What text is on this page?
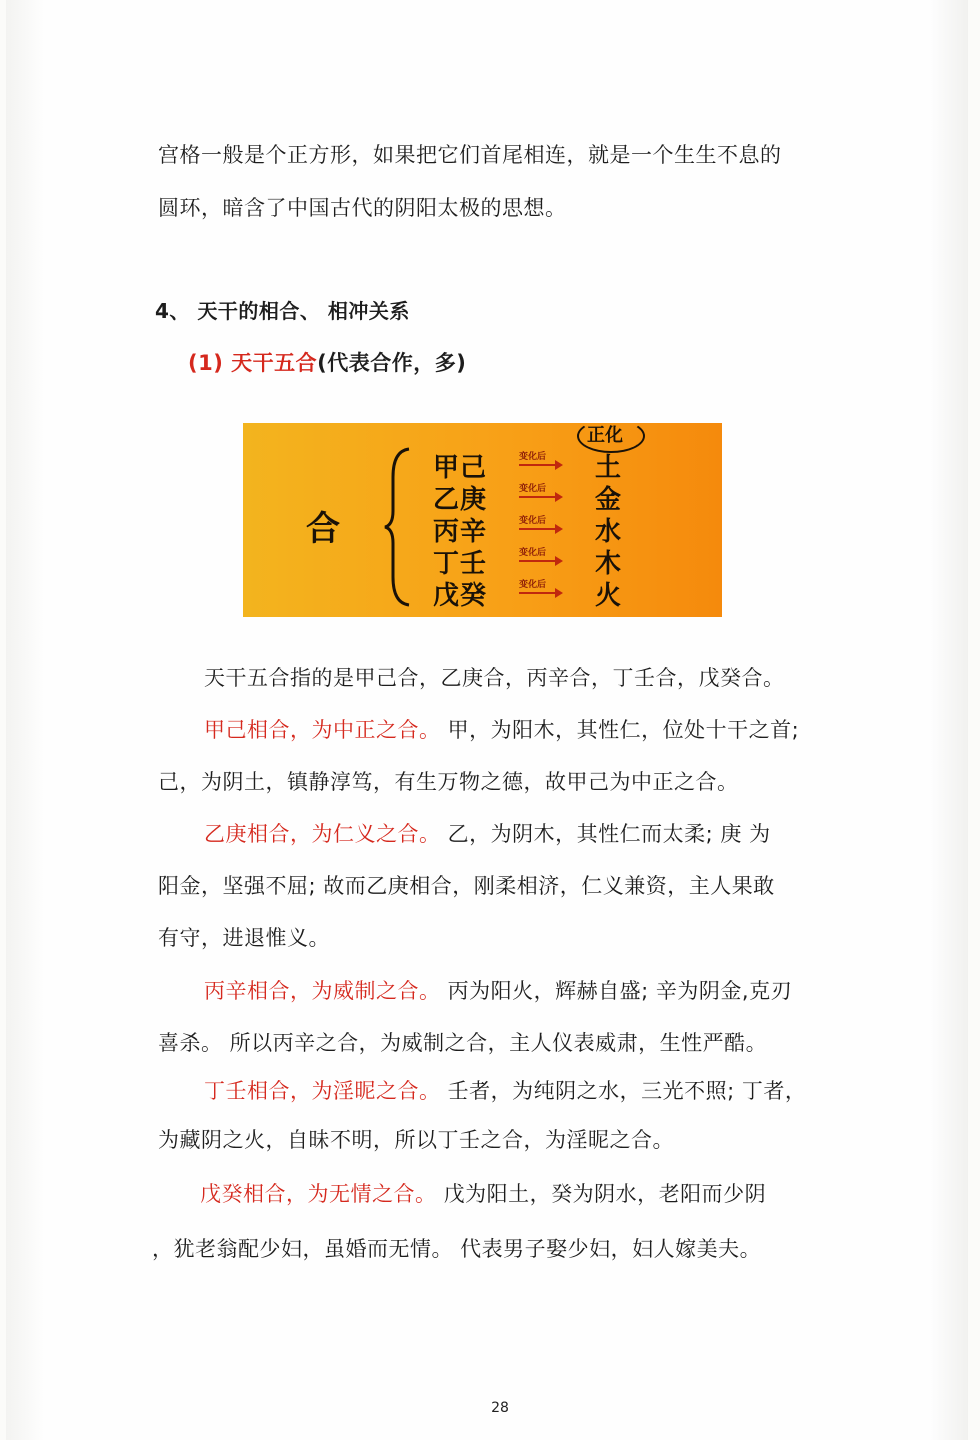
宫格一般是个正方形，如果把它们首尾相连，就是一个生生不息的
圆环，暗含了中国古代的阴阳太极的思想。
4、 天干的相合、 相冲关系
(1) 天干五合(代表合作，多)
合
正化
甲己
乙庚
丙辛
丁壬
戊癸
变化后
变化后
变化后
变化后
变化后
土
金
水
木
火
天干五合指的是甲己合，乙庚合，丙辛合，丁壬合，戊癸合。
甲己相合，为中正之合。 甲，为阳木，其性仁，位处十干之首;
己，为阴土，镇静淳笃，有生万物之德，故甲己为中正之合。
乙庚相合，为仁义之合。 乙，为阴木，其性仁而太柔; 庚 为
阳金，坚强不屈; 故而乙庚相合，刚柔相济，仁义兼资，主人果敢
有守，进退惟义。
丙辛相合，为威制之合。 丙为阳火，辉赫自盛; 辛为阴金,克刃
喜杀。 所以丙辛之合，为威制之合，主人仪表威肃，生性严酷。
丁壬相合，为淫昵之合。 壬者，为纯阴之水，三光不照; 丁者，
为藏阴之火，自昧不明，所以丁壬之合，为淫昵之合。
戊癸相合，为无情之合。 戊为阳土，癸为阴水，老阳而少阴
，犹老翁配少妇，虽婚而无情。 代表男子娶少妇，妇人嫁美夫。
28
